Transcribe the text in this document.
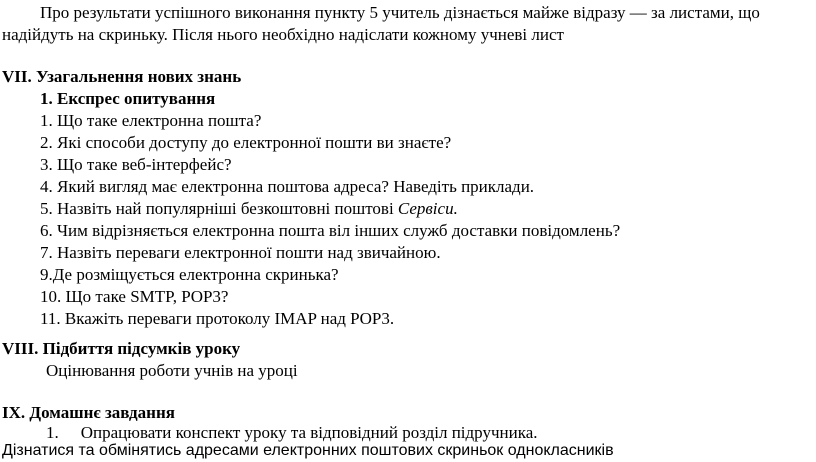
Про результати успішного виконання пункту 5 учитель дізнається майже відразу — за листами, що
надійдуть на скриньку. Після нього необхідно надіслати кожному учневі лист
VII. Узагальнення нових знань
1. Експрес опитування
1. Що таке електронна пошта?
2. Які способи доступу до електронної пошти ви знаєте?
3. Що таке веб-інтерфейс?
4. Який вигляд має електронна поштова адреса? Наведіть приклади.
5. Назвіть най популярніші безкоштовні поштові Сервіси.
6. Чим відрізняється електронна пошта віл інших служб доставки повідомлень?
7. Назвіть переваги електронної пошти над звичайною.
9.Де розміщується електронна скринька?
10. Що таке SMTP, POP3?
11. Вкажіть переваги протоколу IMAP над POP3.
VIII. Підбиття підсумків уроку
Оцінювання роботи учнів на уроці
IX. Домашнє завдання
1. Опрацювати конспект уроку та відповідний розділ підручника.
Дізнатися та обмінятись адресами електронних поштових скриньок однокласників
